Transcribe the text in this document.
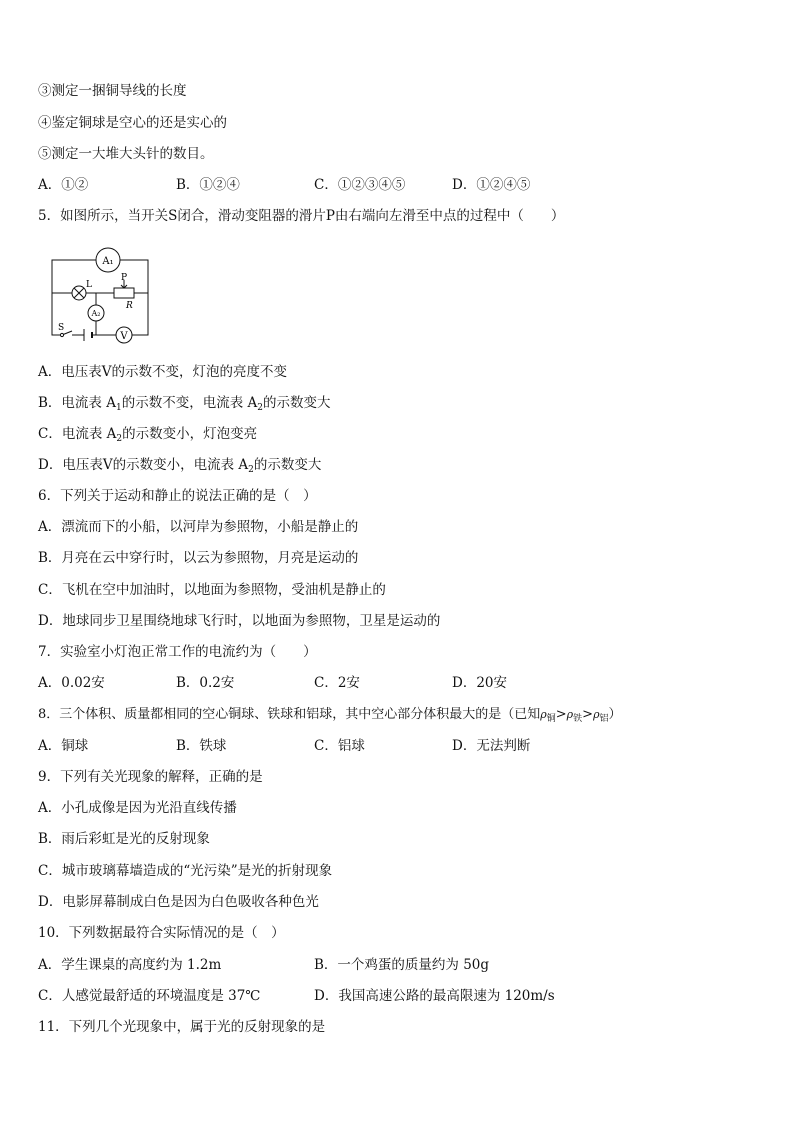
③测定一捆铜导线的长度
④鉴定铜球是空心的还是实心的
⑤测定一大堆大头针的数目。
A．①②	B．①②④	C．①②③④⑤	D．①②④⑤
5．如图所示，当开关S闭合，滑动变阻器的滑片P由右端向左滑至中点的过程中（　　）
A₁
L
P
R
A₂
V
S
A．电压表V的示数不变，灯泡的亮度不变
B．电流表 $A_1$的示数不变，电流表 $A_2$的示数变大
C．电流表 $A_2$的示数变小，灯泡变亮
D．电压表V的示数变小，电流表 $A_2$的示数变大
6．下列关于运动和静止的说法正确的是（　）
A．漂流而下的小船，以河岸为参照物，小船是静止的
B．月亮在云中穿行时，以云为参照物，月亮是运动的
C．飞机在空中加油时，以地面为参照物，受油机是静止的
D．地球同步卫星围绕地球飞行时，以地面为参照物，卫星是运动的
7．实验室小灯泡正常工作的电流约为（　　）
A．0.02安	B．0.2安	C．2安	D．20安
8．三个体积、质量都相同的空心铜球、铁球和铝球，其中空心部分体积最大的是（已知$\rho_铜>\rho_铁>\rho_铝$）
A．铜球	B．铁球	C．铝球	D．无法判断
9．下列有关光现象的解释，正确的是
A．小孔成像是因为光沿直线传播
B．雨后彩虹是光的反射现象
C．城市玻璃幕墙造成的“光污染”是光的折射现象
D．电影屏幕制成白色是因为白色吸收各种色光
10．下列数据最符合实际情况的是（　）
A．学生课桌的高度约为 1.2m	B．一个鸡蛋的质量约为 50g
C．人感觉最舒适的环境温度是 37℃	D．我国高速公路的最高限速为 120m/s
11．下列几个光现象中，属于光的反射现象的是
